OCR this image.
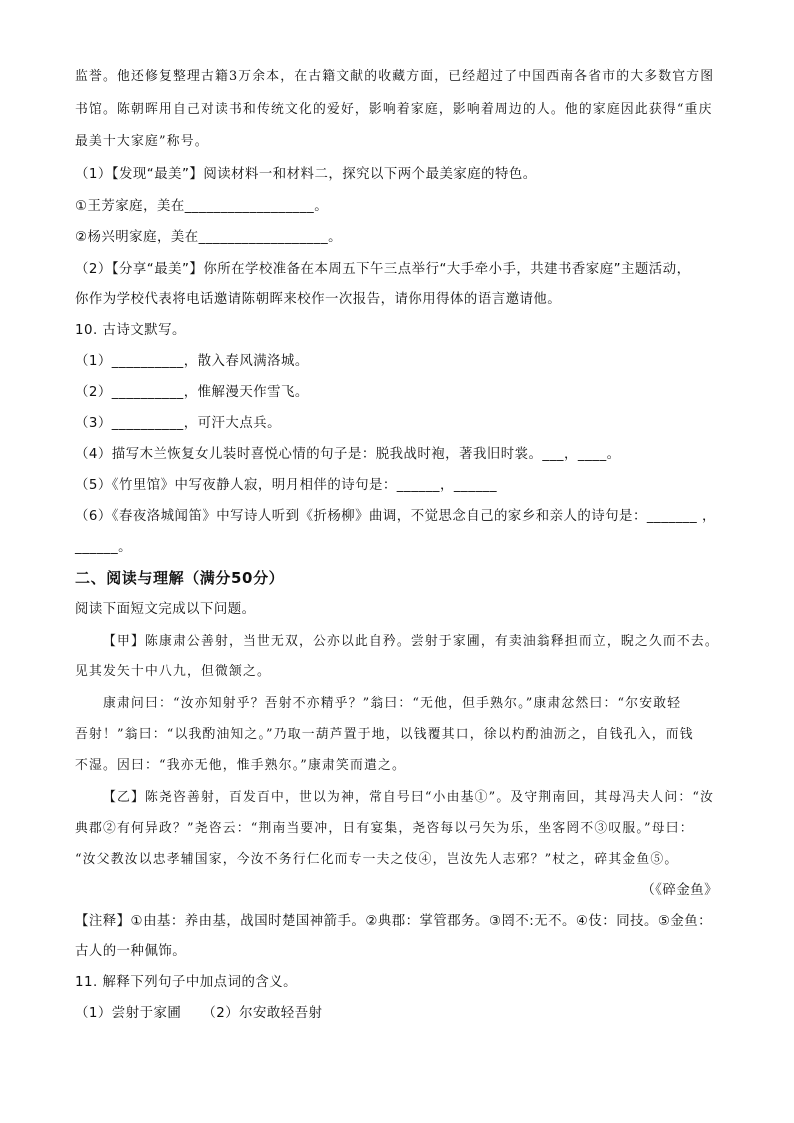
监誉。他还修复整理古籍3万余本，在古籍文献的收藏方面，已经超过了中国西南各省市的大多数官方图
书馆。陈朝晖用自己对读书和传统文化的爱好，影响着家庭，影响着周边的人。他的家庭因此获得“重庆
最美十大家庭”称号。
（1）【发现“最美”】阅读材料一和材料二，探究以下两个最美家庭的特色。
①王芳家庭，美在__________________。
②杨兴明家庭，美在__________________。
（2）【分享“最美”】你所在学校准备在本周五下午三点举行“大手牵小手，共建书香家庭”主题活动，
你作为学校代表将电话邀请陈朝晖来校作一次报告，请你用得体的语言邀请他。
10. 古诗文默写。
（1）__________，散入春风满洛城。
（2）__________，惟解漫天作雪飞。
（3）__________，可汗大点兵。
（4）描写木兰恢复女儿装时喜悦心情的句子是：脱我战时袍，著我旧时裳。___，____。
（5）《竹里馆》中写夜静人寂，明月相伴的诗句是：______，______
（6）《春夜洛城闻笛》中写诗人听到《折杨柳》曲调，不觉思念自己的家乡和亲人的诗句是：_______ ，
______。
二、阅读与理解（满分50分）
阅读下面短文完成以下问题。
【甲】陈康肃公善射，当世无双，公亦以此自矜。尝射于家圃，有卖油翁释担而立，睨之久而不去。
见其发矢十中八九，但微颔之。
康肃问曰：“汝亦知射乎？吾射不亦精乎？”翁曰：“无他，但手熟尔。”康肃忿然曰：“尔安敢轻
吾射！”翁曰：“以我酌油知之。”乃取一葫芦置于地，以钱覆其口，徐以杓酌油沥之，自钱孔入，而钱
不湿。因曰：“我亦无他，惟手熟尔。”康肃笑而遣之。
【乙】陈尧咨善射，百发百中，世以为神，常自号曰“小由基①”。及守荆南回，其母冯夫人问：“汝
典郡②有何异政？”尧咨云：“荆南当要冲，日有宴集，尧咨每以弓矢为乐，坐客罔不③叹服。”母曰：
“汝父教汝以忠孝辅国家，今汝不务行仁化而专一夫之伎④，岂汝先人志邪？”杖之，碎其金鱼⑤。
（《碎金鱼》
【注释】①由基：养由基，战国时楚国神箭手。②典郡：掌管郡务。③罔不:无不。④伎：同技。⑤金鱼：
古人的一种佩饰。
11. 解释下列句子中加点词的含义。
（1）尝射于家圃　　（2）尔安敢轻吾射
